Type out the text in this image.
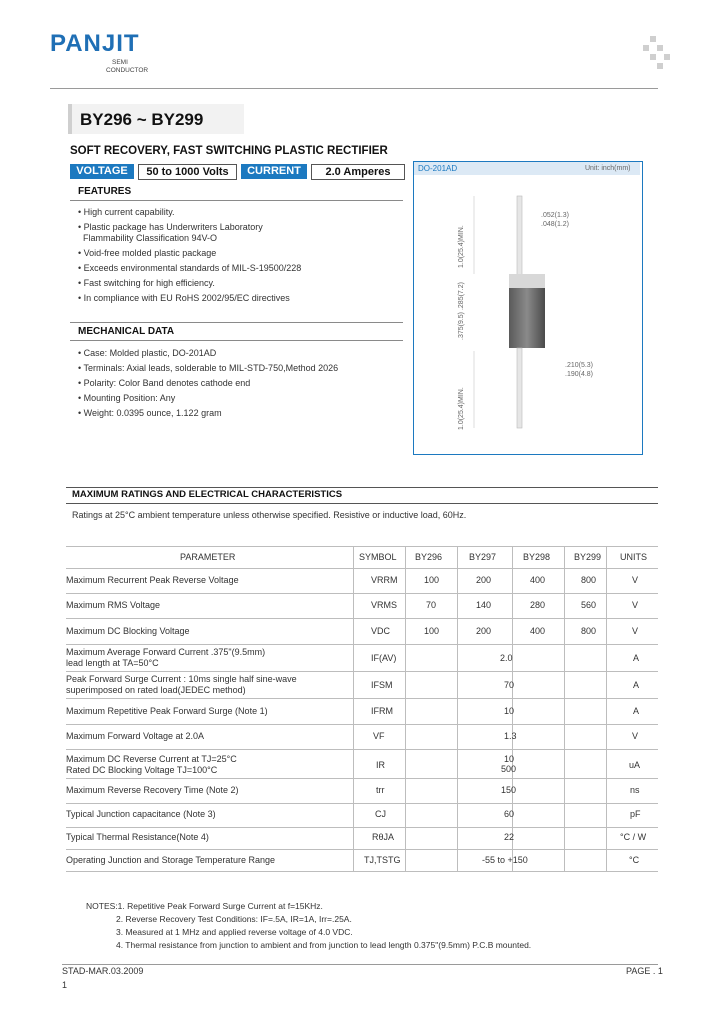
PANJIT
SEMI
CONDUCTOR
BY296 ~ BY299
SOFT RECOVERY, FAST SWITCHING PLASTIC RECTIFIER
VOLTAGE	50 to 1000 Volts	CURRENT	2.0 Amperes
FEATURES
• High current capability.
• Plastic package has Underwriters Laboratory
Flammability Classification 94V-O
• Void-free molded plastic package
• Exceeds environmental standards of MIL-S-19500/228
• Fast switching for high efficiency.
• In compliance with EU RoHS 2002/95/EC directives
MECHANICAL DATA
• Case: Molded plastic, DO-201AD
• Terminals: Axial leads, solderable to MIL-STD-750,Method 2026
• Polarity: Color Band denotes cathode end
• Mounting Position: Any
• Weight: 0.0395 ounce, 1.122 gram
DO-201AD	Unit: inch(mm)
.052(1.3)
.048(1.2)
.210(5.3)
.190(4.8)
1.0(25.4)MIN.
.375(9.5) .285(7.2)
1.0(25.4)MIN.
MAXIMUM RATINGS AND ELECTRICAL CHARACTERISTICS
Ratings at 25°C ambient temperature unless otherwise specified. Resistive or inductive load, 60Hz.
PARAMETER	SYMBOL BY296	BY297	BY298	BY299 UNITS
Maximum Recurrent Peak Reverse Voltage	VRRM	100	200	400	800	V
Maximum RMS Voltage	VRMS	70	140	280	560	V
Maximum DC Blocking Voltage	VDC	100	200	400	800	V
Maximum Average Forward Current .375"(9.5mm)
lead length at TA=50°C	IF(AV)	2.0	A
Peak Forward Surge Current : 10ms single half sine-wave
superimposed on rated load(JEDEC method)	IFSM	70	A
Maximum Repetitive Peak Forward Surge (Note 1)	IFRM	10	A
Maximum Forward Voltage at 2.0A	VF	1.3	V
Maximum DC Reverse Current at TJ=25°C
Rated DC Blocking Voltage TJ=100°C	IR
10
500	uA
Maximum Reverse Recovery Time (Note 2)	trr	150	ns
Typical Junction capacitance (Note 3)	CJ	60	pF
Typical Thermal Resistance(Note 4)	RθJA	22	°C / W
Operating Junction and Storage Temperature Range	TJ,TSTG	-55 to +150	°C
NOTES:1. Repetitive Peak Forward Surge Current at f=15KHz.
2. Reverse Recovery Test Conditions: IF=.5A, IR=1A, Irr=.25A.
3. Measured at 1 MHz and applied reverse voltage of 4.0 VDC.
4. Thermal resistance from junction to ambient and from junction to lead length 0.375"(9.5mm) P.C.B mounted.
STAD-MAR.03.2009	PAGE . 1
1
